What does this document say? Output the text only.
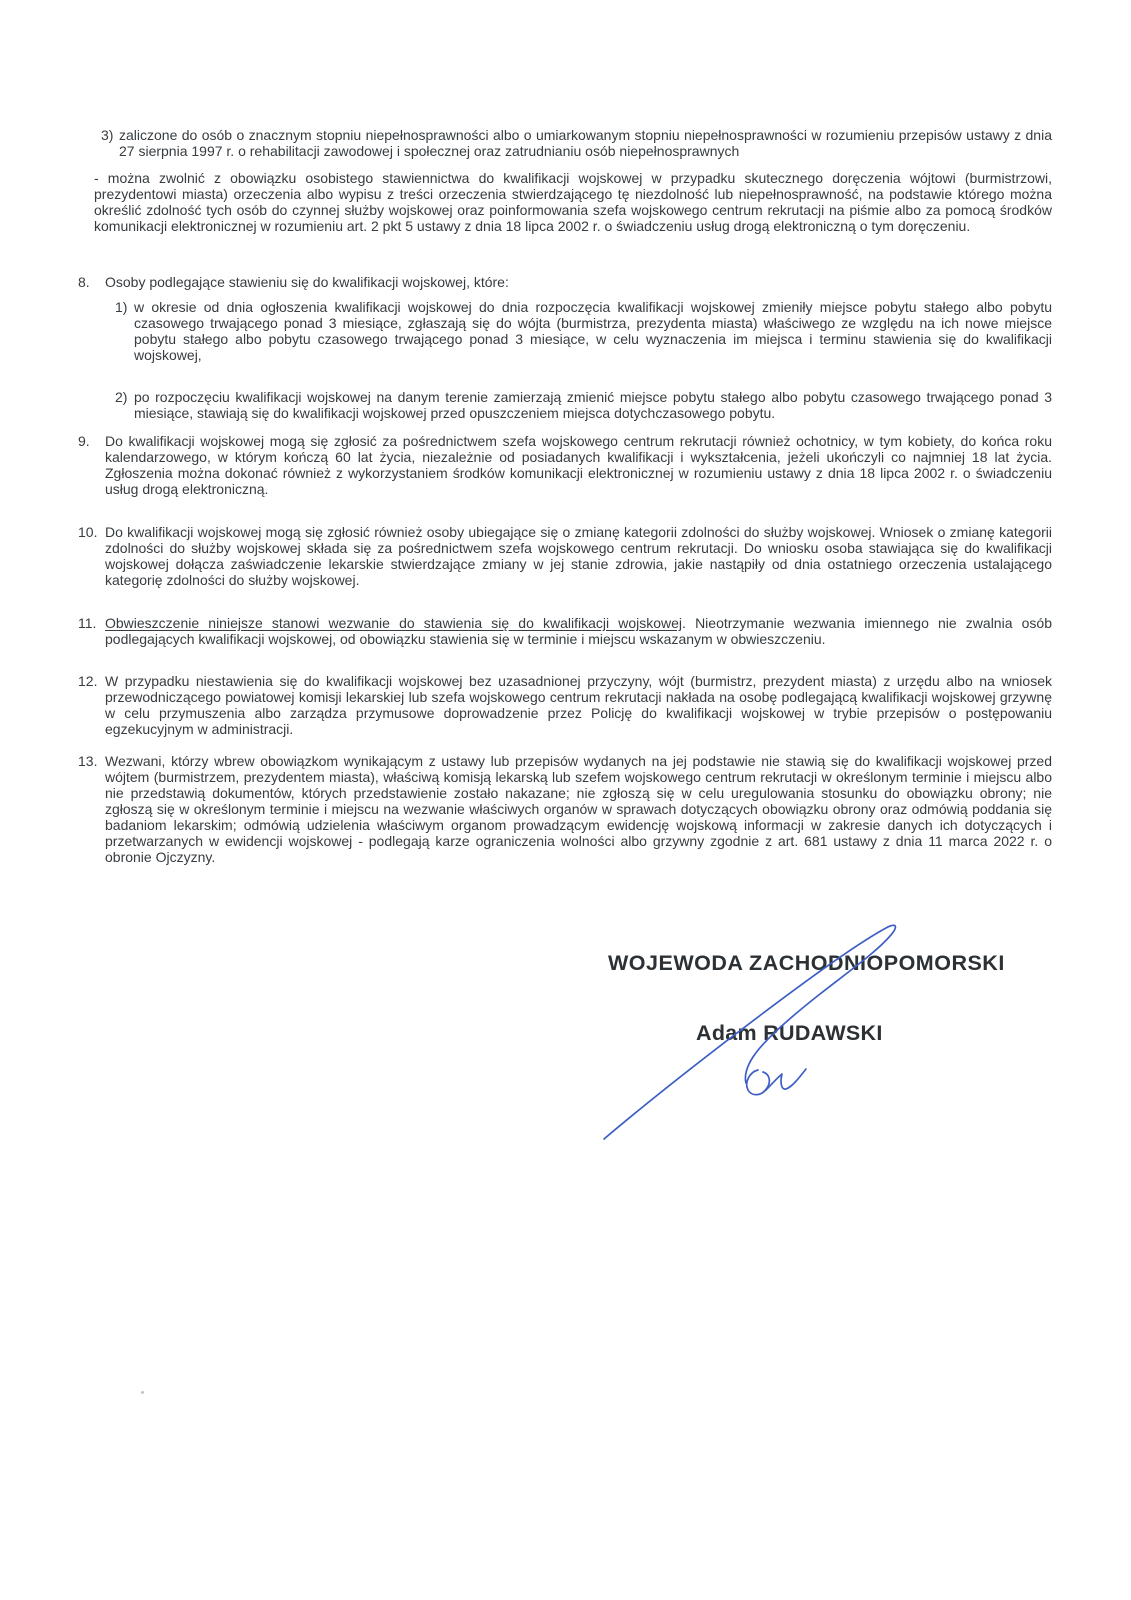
3) zaliczone do osób o znacznym stopniu niepełnosprawności albo o umiarkowanym stopniu niepełnosprawności w rozumieniu przepisów ustawy z dnia 27 sierpnia 1997 r. o rehabilitacji zawodowej i społecznej oraz zatrudnianiu osób niepełnosprawnych
- można zwolnić z obowiązku osobistego stawiennictwa do kwalifikacji wojskowej w przypadku skutecznego doręczenia wójtowi (burmistrzowi, prezydentowi miasta) orzeczenia albo wypisu z treści orzeczenia stwierdzającego tę niezdolność lub niepełnosprawność, na podstawie którego można określić zdolność tych osób do czynnej służby wojskowej oraz poinformowania szefa wojskowego centrum rekrutacji na piśmie albo za pomocą środków komunikacji elektronicznej w rozumieniu art. 2 pkt 5 ustawy z dnia 18 lipca 2002 r. o świadczeniu usług drogą elektroniczną o tym doręczeniu.
8.	Osoby podlegające stawieniu się do kwalifikacji wojskowej, które:
1) w okresie od dnia ogłoszenia kwalifikacji wojskowej do dnia rozpoczęcia kwalifikacji wojskowej zmieniły miejsce pobytu stałego albo pobytu czasowego trwającego ponad 3 miesiące, zgłaszają się do wójta (burmistrza, prezydenta miasta) właściwego ze względu na ich nowe miejsce pobytu stałego albo pobytu czasowego trwającego ponad 3 miesiące, w celu wyznaczenia im miejsca i terminu stawienia się do kwalifikacji wojskowej,
2) po rozpoczęciu kwalifikacji wojskowej na danym terenie zamierzają zmienić miejsce pobytu stałego albo pobytu czasowego trwającego ponad 3 miesiące, stawiają się do kwalifikacji wojskowej przed opuszczeniem miejsca dotychczasowego pobytu.
9.	Do kwalifikacji wojskowej mogą się zgłosić za pośrednictwem szefa wojskowego centrum rekrutacji również ochotnicy, w tym kobiety, do końca roku kalendarzowego, w którym kończą 60 lat życia, niezależnie od posiadanych kwalifikacji i wykształcenia, jeżeli ukończyli co najmniej 18 lat życia. Zgłoszenia można dokonać również z wykorzystaniem środków komunikacji elektronicznej w rozumieniu ustawy z dnia 18 lipca 2002 r. o świadczeniu usług drogą elektroniczną.
10. Do kwalifikacji wojskowej mogą się zgłosić również osoby ubiegające się o zmianę kategorii zdolności do służby wojskowej. Wniosek o zmianę kategorii zdolności do służby wojskowej składa się za pośrednictwem szefa wojskowego centrum rekrutacji. Do wniosku osoba stawiająca się do kwalifikacji wojskowej dołącza zaświadczenie lekarskie stwierdzające zmiany w jej stanie zdrowia, jakie nastąpiły od dnia ostatniego orzeczenia ustalającego kategorię zdolności do służby wojskowej.
11. Obwieszczenie niniejsze stanowi wezwanie do stawienia się do kwalifikacji wojskowej. Nieotrzymanie wezwania imiennego nie zwalnia osób podlegających kwalifikacji wojskowej, od obowiązku stawienia się w terminie i miejscu wskazanym w obwieszczeniu.
12. W przypadku niestawienia się do kwalifikacji wojskowej bez uzasadnionej przyczyny, wójt (burmistrz, prezydent miasta) z urzędu albo na wniosek przewodniczącego powiatowej komisji lekarskiej lub szefa wojskowego centrum rekrutacji nakłada na osobę podlegającą kwalifikacji wojskowej grzywnę w celu przymuszenia albo zarządza przymusowe doprowadzenie przez Policję do kwalifikacji wojskowej w trybie przepisów o postępowaniu egzekucyjnym w administracji.
13. Wezwani, którzy wbrew obowiązkom wynikającym z ustawy lub przepisów wydanych na jej podstawie nie stawią się do kwalifikacji wojskowej przed wójtem (burmistrzem, prezydentem miasta), właściwą komisją lekarską lub szefem wojskowego centrum rekrutacji w określonym terminie i miejscu albo nie przedstawią dokumentów, których przedstawienie zostało nakazane; nie zgłoszą się w celu uregulowania stosunku do obowiązku obrony; nie zgłoszą się w określonym terminie i miejscu na wezwanie właściwych organów w sprawach dotyczących obowiązku obrony oraz odmówią poddania się badaniom lekarskim; odmówią udzielenia właściwym organom prowadzącym ewidencję wojskową informacji w zakresie danych ich dotyczących i przetwarzanych w ewidencji wojskowej - podlegają karze ograniczenia wolności albo grzywny zgodnie z art. 681 ustawy z dnia 11 marca 2022 r. o obronie Ojczyzny.
WOJEWODA ZACHODNIOPOMORSKI
Adam RUDAWSKI
